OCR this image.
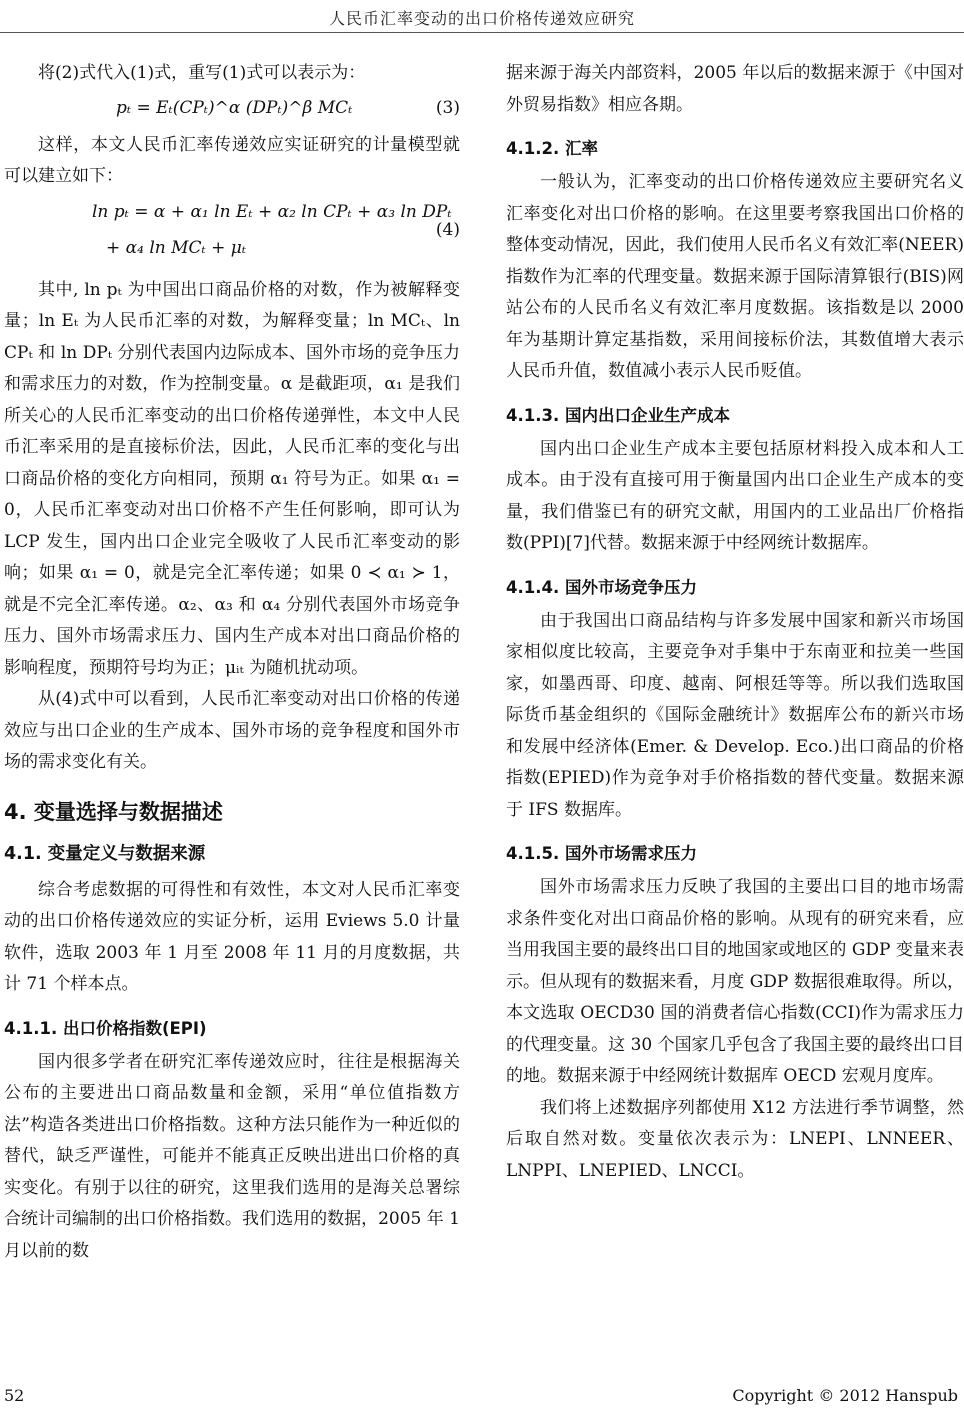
人民币汇率变动的出口价格传递效应研究

将(2)式代入(1)式，重写(1)式可以表示为：

pₜ = Eₜ(CPₜ)^α (DPₜ)^β MCₜ	(3)

这样，本文人民币汇率传递效应实证研究的计量模型就可以建立如下：

ln pₜ = α + α₁ ln Eₜ + α₂ ln CPₜ + α₃ ln DPₜ
+ α₄ ln MCₜ + μₜ
(4)

其中, ln pₜ 为中国出口商品价格的对数，作为被解释变量；ln Eₜ 为人民币汇率的对数，为解释变量；ln MCₜ、ln CPₜ 和 ln DPₜ 分别代表国内边际成本、国外市场的竞争压力和需求压力的对数，作为控制变量。α 是截距项，α₁ 是我们所关心的人民币汇率变动的出口价格传递弹性，本文中人民币汇率采用的是直接标价法，因此，人民币汇率的变化与出口商品价格的变化方向相同，预期 α₁ 符号为正。如果 α₁ = 0，人民币汇率变动对出口价格不产生任何影响，即可认为 LCP 发生，国内出口企业完全吸收了人民币汇率变动的影响；如果 α₁ = 0，就是完全汇率传递；如果 0 ≺ α₁ ≻ 1，就是不完全汇率传递。α₂、α₃ 和 α₄ 分别代表国外市场竞争压力、国外市场需求压力、国内生产成本对出口商品价格的影响程度，预期符号均为正；μᵢₜ 为随机扰动项。

从(4)式中可以看到，人民币汇率变动对出口价格的传递效应与出口企业的生产成本、国外市场的竞争程度和国外市场的需求变化有关。

4. 变量选择与数据描述
4.1. 变量定义与数据来源

综合考虑数据的可得性和有效性，本文对人民币汇率变动的出口价格传递效应的实证分析，运用 Eviews 5.0 计量软件，选取 2003 年 1 月至 2008 年 11 月的月度数据，共计 71 个样本点。

4.1.1. 出口价格指数(EPI)

国内很多学者在研究汇率传递效应时，往往是根据海关公布的主要进出口商品数量和金额，采用“单位值指数方法”构造各类进出口价格指数。这种方法只能作为一种近似的替代，缺乏严谨性，可能并不能真正反映出进出口价格的真实变化。有别于以往的研究，这里我们选用的是海关总署综合统计司编制的出口价格指数。我们选用的数据，2005 年 1 月以前的数

据来源于海关内部资料，2005 年以后的数据来源于《中国对外贸易指数》相应各期。

4.1.2. 汇率

一般认为，汇率变动的出口价格传递效应主要研究名义汇率变化对出口价格的影响。在这里要考察我国出口价格的整体变动情况，因此，我们使用人民币名义有效汇率(NEER)指数作为汇率的代理变量。数据来源于国际清算银行(BIS)网站公布的人民币名义有效汇率月度数据。该指数是以 2000 年为基期计算定基指数，采用间接标价法，其数值增大表示人民币升值，数值减小表示人民币贬值。

4.1.3. 国内出口企业生产成本

国内出口企业生产成本主要包括原材料投入成本和人工成本。由于没有直接可用于衡量国内出口企业生产成本的变量，我们借鉴已有的研究文献，用国内的工业品出厂价格指数(PPI)[7]代替。数据来源于中经网统计数据库。

4.1.4. 国外市场竞争压力

由于我国出口商品结构与许多发展中国家和新兴市场国家相似度比较高，主要竞争对手集中于东南亚和拉美一些国家，如墨西哥、印度、越南、阿根廷等等。所以我们选取国际货币基金组织的《国际金融统计》数据库公布的新兴市场和发展中经济体(Emer. & Develop. Eco.)出口商品的价格指数(EPIED)作为竞争对手价格指数的替代变量。数据来源于 IFS 数据库。

4.1.5. 国外市场需求压力

国外市场需求压力反映了我国的主要出口目的地市场需求条件变化对出口商品价格的影响。从现有的研究来看，应当用我国主要的最终出口目的地国家或地区的 GDP 变量来表示。但从现有的数据来看，月度 GDP 数据很难取得。所以，本文选取 OECD30 国的消费者信心指数(CCI)作为需求压力的代理变量。这 30 个国家几乎包含了我国主要的最终出口目的地。数据来源于中经网统计数据库 OECD 宏观月度库。

我们将上述数据序列都使用 X12 方法进行季节调整，然后取自然对数。变量依次表示为：LNEPI、LNNEER、LNPPI、LNEPIED、LNCCI。

52	Copyright © 2012 Hanspub
